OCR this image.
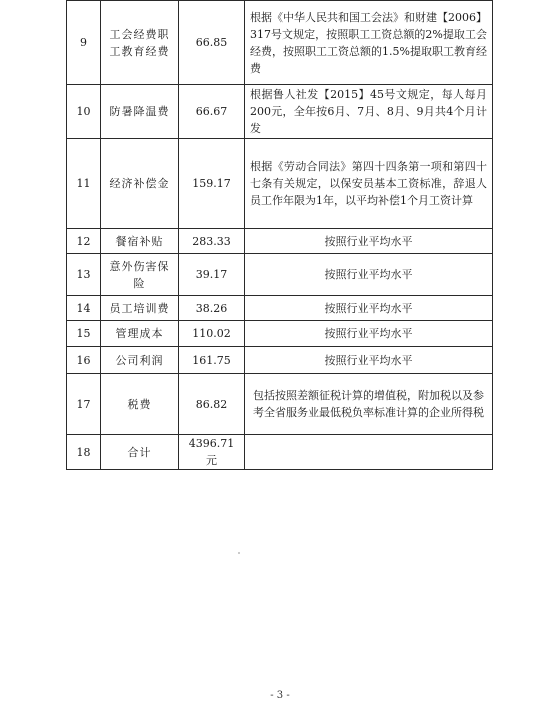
9	工会经费职工教育经费	66.85	根据《中华人民共和国工会法》和财建【2006】317号文规定，按照职工工资总额的2%提取工会经费，按照职工工资总额的1.5%提取职工教育经费
10	防暑降温费	66.67	根据鲁人社发【2015】45号文规定，每人每月200元，全年按6月、7月、8月、9月共4个月计发
11	经济补偿金	159.17	根据《劳动合同法》第四十四条第一项和第四十七条有关规定，以保安员基本工资标准，辞退人员工作年限为1年，以平均补偿1个月工资计算
12	餐宿补贴	283.33	按照行业平均水平
13	意外伤害保险	39.17	按照行业平均水平
14	员工培训费	38.26	按照行业平均水平
15	管理成本	110.02	按照行业平均水平
16	公司利润	161.75	按照行业平均水平
17	税费	86.82	包括按照差额征税计算的增值税，附加税以及参考全省服务业最低税负率标准计算的企业所得税
18	合计	4396.71元	
- 3 -
